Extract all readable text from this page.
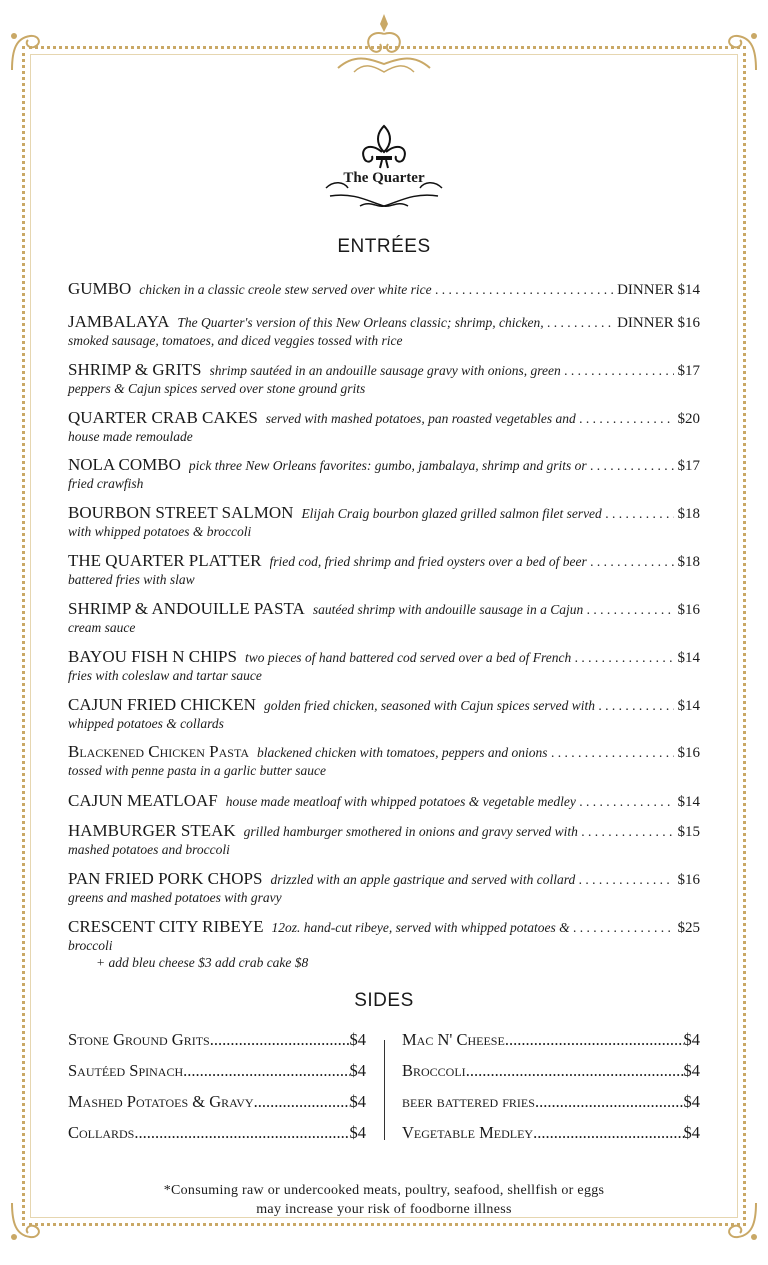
The Quarter
ENTRÉES
GUMBO chicken in a classic creole stew served over white rice . . .	DINNER $14
JAMBALAYA The Quarter's version of this New Orleans classic; shrimp, chicken, . . .	DINNER $16
smoked sausage, tomatoes, and diced veggies tossed with rice
SHRIMP & GRITS shrimp sautéed in an andouille sausage gravy with onions, green . . .	$17
peppers & Cajun spices served over stone ground grits
QUARTER CRAB CAKES served with mashed potatoes, pan roasted vegetables and . . .	$20
house made remoulade
NOLA COMBO pick three New Orleans favorites: gumbo, jambalaya, shrimp and grits or . . .	$17
fried crawfish
BOURBON STREET SALMON Elijah Craig bourbon glazed grilled salmon filet served . . .	$18
with whipped potatoes & broccoli
THE QUARTER PLATTER fried cod, fried shrimp and fried oysters over a bed of beer . . .	$18
battered fries with slaw
SHRIMP & ANDOUILLE PASTA sautéed shrimp with andouille sausage in a Cajun . . .	$16
cream sauce
BAYOU FISH N CHIPS two pieces of hand battered cod served over a bed of French . . .	$14
fries with coleslaw and tartar sauce
CAJUN FRIED CHICKEN golden fried chicken, seasoned with Cajun spices served with . . .	$14
whipped potatoes & collards
Blackened Chicken Pasta blackened chicken with tomatoes, peppers and onions . . .	$16
tossed with penne pasta in a garlic butter sauce
CAJUN MEATLOAF house made meatloaf with whipped potatoes & vegetable medley . . .	$14
HAMBURGER STEAK grilled hamburger smothered in onions and gravy served with . . .	$15
mashed potatoes and broccoli
PAN FRIED PORK CHOPS drizzled with an apple gastrique and served with collard . . .	$16
greens and mashed potatoes with gravy
CRESCENT CITY RIBEYE 12oz. hand-cut ribeye, served with whipped potatoes & . . .	$25
broccoli
+ add bleu cheese $3 add crab cake $8
SIDES
Stone Ground Grits .....	$4
Sautéed Spinach .....	$4
Mashed Potatoes & Gravy .....	$4
Collards .....	$4
Mac N' Cheese .....	$4
Broccoli .....	$4
beer battered fries .....	$4
Vegetable Medley .....	$4
*Consuming raw or undercooked meats, poultry, seafood, shellfish or eggs
may increase your risk of foodborne illness
